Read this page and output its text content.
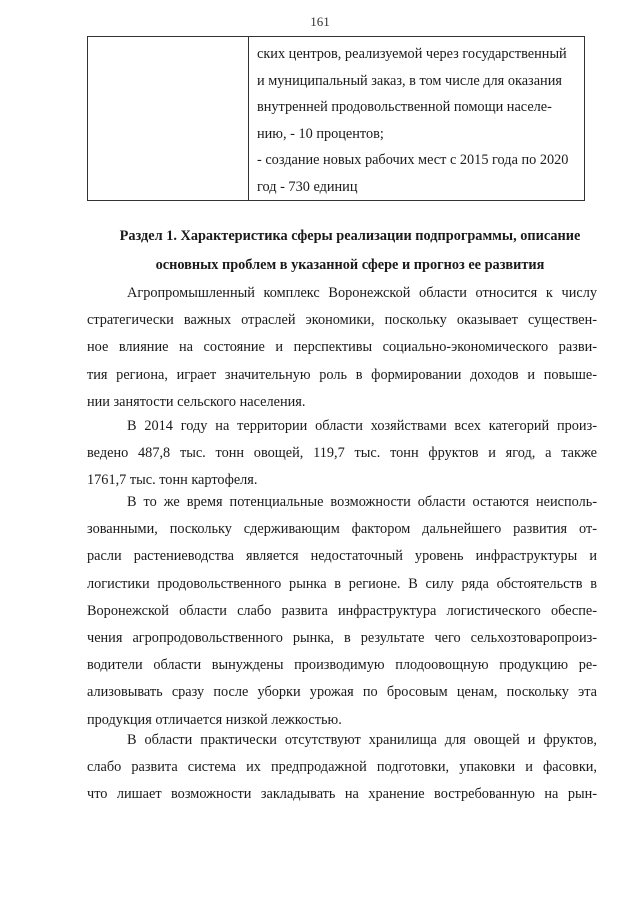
161

ских центров, реализуемой через государственный
и муниципальный заказ, в том числе для оказания
внутренней продовольственной помощи населе-
нию, - 10 процентов;
- создание новых рабочих мест с 2015 года по 2020
год - 730 единиц
Раздел 1. Характеристика сферы реализации подпрограммы, описание
основных проблем в указанной сфере и прогноз ее развития
Агропромышленный комплекс Воронежской области относится к числу
стратегически важных отраслей экономики, поскольку оказывает существен-
ное влияние на состояние и перспективы социально-экономического разви-
тия региона, играет значительную роль в формировании доходов и повыше-
нии занятости сельского населения.
В 2014 году на территории области хозяйствами всех категорий произ-
ведено 487,8 тыс. тонн овощей, 119,7 тыс. тонн фруктов и ягод, а также
1761,7 тыс. тонн картофеля.
В то же время потенциальные возможности области остаются неисполь-
зованными, поскольку сдерживающим фактором дальнейшего развития от-
расли растениеводства является недостаточный уровень инфраструктуры и
логистики продовольственного рынка в регионе. В силу ряда обстоятельств в
Воронежской области слабо развита инфраструктура логистического обеспе-
чения агропродовольственного рынка, в результате чего сельхозтоваропроиз-
водители области вынуждены производимую плодоовощную продукцию ре-
ализовывать сразу после уборки урожая по бросовым ценам, поскольку эта
продукция отличается низкой лежкостью.
В области практически отсутствуют хранилища для овощей и фруктов,
слабо развита система их предпродажной подготовки, упаковки и фасовки,
что лишает возможности закладывать на хранение востребованную на рын-
